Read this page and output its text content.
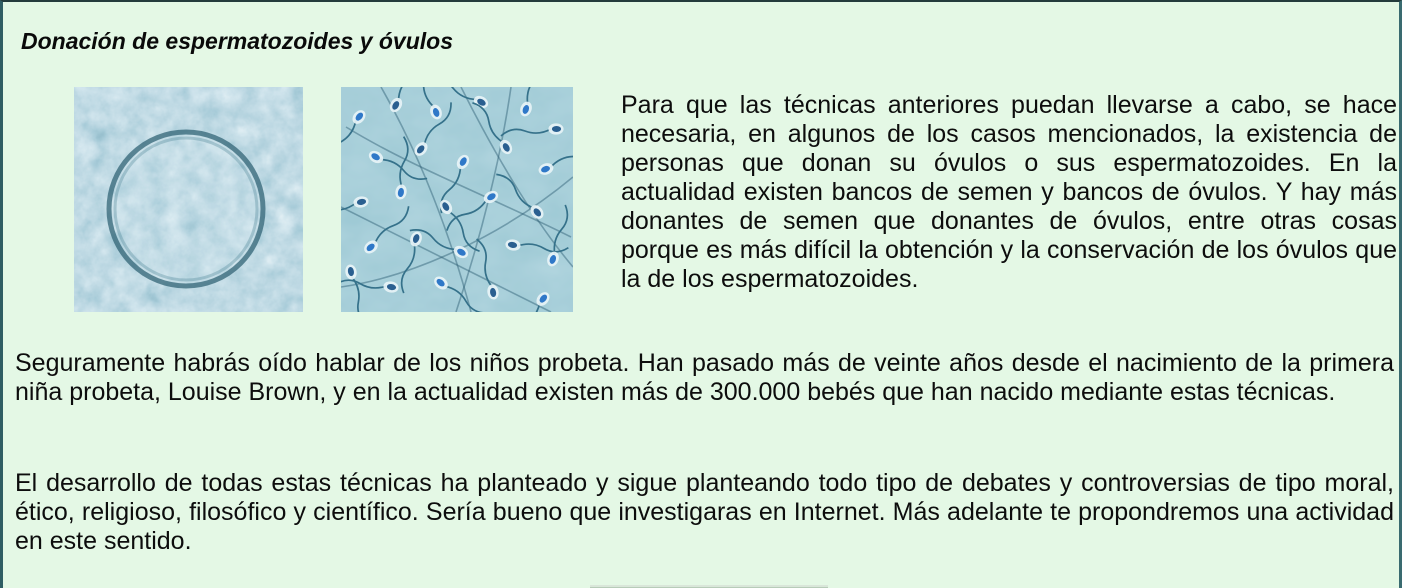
Donación de espermatozoides y óvulos
Para que las técnicas anteriores puedan llevarse a cabo, se hace necesaria, en algunos de los casos mencionados, la existencia de personas que donan su óvulos o sus espermatozoides. En la actualidad existen bancos de semen y bancos de óvulos. Y hay más donantes de semen que donantes de óvulos, entre otras cosas porque es más difícil la obtención y la conservación de los óvulos que la de los espermatozoides.
Seguramente habrás oído hablar de los niños probeta. Han pasado más de veinte años desde el nacimiento de la primera niña probeta, Louise Brown, y en la actualidad existen más de 300.000 bebés que han nacido mediante estas técnicas.
El desarrollo de todas estas técnicas ha planteado y sigue planteando todo tipo de debates y controversias de tipo moral, ético, religioso, filosófico y científico. Sería bueno que investigaras en Internet. Más adelante te propondremos una actividad en este sentido.
